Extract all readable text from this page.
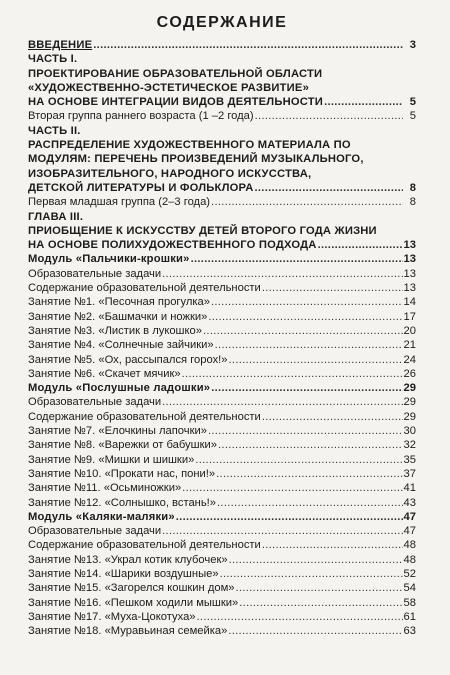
СОДЕРЖАНИЕ
ВВЕДЕНИЕ .....	3
ЧАСТЬ I.
ПРОЕКТИРОВАНИЕ ОБРАЗОВАТЕЛЬНОЙ ОБЛАСТИ
«ХУДОЖЕСТВЕННО-ЭСТЕТИЧЕСКОЕ РАЗВИТИЕ»
НА ОСНОВЕ ИНТЕГРАЦИИ ВИДОВ ДЕЯТЕЛЬНОСТИ .....	5
Вторая группа раннего возраста (1 –2 года) .....	5
ЧАСТЬ II.
РАСПРЕДЕЛЕНИЕ ХУДОЖЕСТВЕННОГО МАТЕРИАЛА ПО
МОДУЛЯМ: ПЕРЕЧЕНЬ ПРОИЗВЕДЕНИЙ МУЗЫКАЛЬНОГО,
ИЗОБРАЗИТЕЛЬНОГО, НАРОДНОГО ИСКУССТВА,
ДЕТСКОЙ ЛИТЕРАТУРЫ И ФОЛЬКЛОРА .....	8
Первая младшая группа (2–3 года) .....	8
ГЛАВА III.
ПРИОБЩЕНИЕ К ИСКУССТВУ ДЕТЕЙ ВТОРОГО ГОДА ЖИЗНИ
НА ОСНОВЕ ПОЛИХУДОЖЕСТВЕННОГО ПОДХОДА .....	13
Модуль «Пальчики-крошки» .....	13
Образовательные задачи .....	13
Содержание образовательной деятельности .....	13
Занятие №1. «Песочная прогулка» .....	14
Занятие №2. «Башмачки и ножки» .....	17
Занятие №3. «Листик в лукошко» .....	20
Занятие №4. «Солнечные зайчики» .....	21
Занятие №5. «Ох, рассыпался горох!» .....	24
Занятие №6. «Скачет мячик» .....	26
Модуль «Послушные ладошки» .....	29
Образовательные задачи .....	29
Содержание образовательной деятельности .....	29
Занятие №7. «Елочкины лапочки» .....	30
Занятие №8. «Варежки от бабушки» .....	32
Занятие №9. «Мишки и шишки» .....	35
Занятие №10. «Прокати нас, пони!» .....	37
Занятие №11. «Осьминожки» .....	41
Занятие №12. «Солнышко, встань!» .....	43
Модуль «Каляки-маляки» .....	47
Образовательные задачи .....	47
Содержание образовательной деятельности .....	48
Занятие №13. «Украл котик клубочек» .....	48
Занятие №14. «Шарики воздушные» .....	52
Занятие №15. «Загорелся кошкин дом» .....	54
Занятие №16. «Пешком ходили мышки» .....	58
Занятие №17. «Муха-Цокотуха» .....	61
Занятие №18. «Муравьиная семейка» .....	63
